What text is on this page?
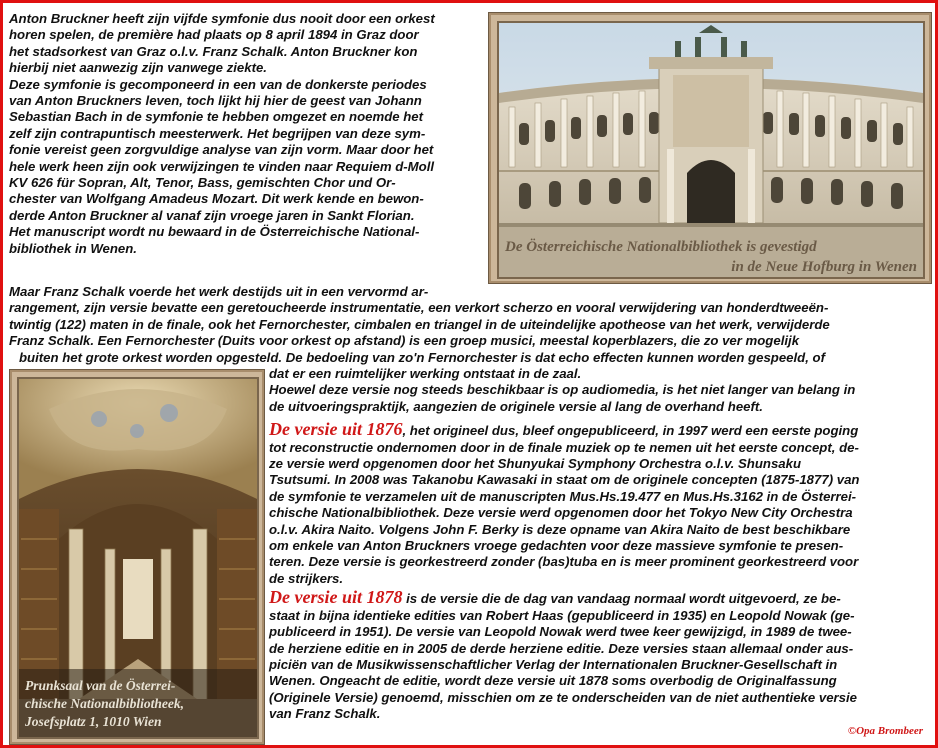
Anton Bruckner heeft zijn vijfde symfonie dus nooit door een orkest
horen spelen, de première had plaats op 8 april 1894 in Graz door
het stadsorkest van Graz o.l.v. Franz Schalk. Anton Bruckner kon
hierbij niet aanwezig zijn vanwege ziekte.
Deze symfonie is gecomponeerd in een van de donkerste periodes
van Anton Bruckners leven, toch lijkt hij hier de geest van Johann
Sebastian Bach in de symfonie te hebben omgezet en noemde het
zelf zijn contrapuntisch meesterwerk. Het begrijpen van deze sym-
fonie vereist geen zorgvuldige analyse van zijn vorm. Maar door het
hele werk heen zijn ook verwijzingen te vinden naar Requiem d-Moll
KV 626 für Sopran, Alt, Tenor, Bass, gemischten Chor und Or-
chester van Wolfgang Amadeus Mozart. Dit werk kende en bewon-
derde Anton Bruckner al vanaf zijn vroege jaren in Sankt Florian.
Het manuscript wordt nu bewaard in de Österreichische National-
bibliothek in Wenen.	De Österreichische Nationalbibliothek is gevestigd
in de Neue Hofburg in Wenen
Maar Franz Schalk voerde het werk destijds uit in een vervormd ar-
rangement, zijn versie bevatte een geretoucheerde instrumentatie, een verkort scherzo en vooral verwijdering van honderdtweeën-
twintig (122) maten in de finale, ook het Fernorchester, cimbalen en triangel in de uiteindelijke apotheose van het werk, verwijderde
Franz Schalk. Een Fernorchester (Duits voor orkest op afstand) is een groep musici, meestal koperblazers, die zo ver mogelijk
buiten het grote orkest worden opgesteld. De bedoeling van zo'n Fernorchester is dat echo effecten kunnen worden gespeeld, of
Prunksaal van de Österrei-
chische Nationalbibliotheek,
Josefsplatz 1, 1010 Wien
dat er een ruimtelijker werking ontstaat in de zaal.
Hoewel deze versie nog steeds beschikbaar is op audiomedia, is het niet langer van belang in
de uitvoeringspraktijk, aangezien de originele versie al lang de overhand heeft.
De versie uit 1876, het origineel dus, bleef ongepubliceerd, in 1997 werd een eerste poging
tot reconstructie ondernomen door in de finale muziek op te nemen uit het eerste concept, de-
ze versie werd opgenomen door het Shunyukai Symphony Orchestra o.l.v. Shunsaku
Tsutsumi. In 2008 was Takanobu Kawasaki in staat om de originele concepten (1875-1877) van
de symfonie te verzamelen uit de manuscripten Mus.Hs.19.477 en Mus.Hs.3162 in de Österrei-
chische Nationalbibliothek. Deze versie werd opgenomen door het Tokyo New City Orchestra
o.l.v. Akira Naito. Volgens John F. Berky is deze opname van Akira Naito de best beschikbare
om enkele van Anton Bruckners vroege gedachten voor deze massieve symfonie te presen-
teren. Deze versie is georkestreerd zonder (bas)tuba en is meer prominent georkestreerd voor
de strijkers.
De versie uit 1878 is de versie die de dag van vandaag normaal wordt uitgevoerd, ze be-
staat in bijna identieke edities van Robert Haas (gepubliceerd in 1935) en Leopold Nowak (ge-
publiceerd in 1951). De versie van Leopold Nowak werd twee keer gewijzigd, in 1989 de twee-
de herziene editie en in 2005 de derde herziene editie. Deze versies staan allemaal onder aus-
piciën van de Musikwissenschaftlicher Verlag der Internationalen Bruckner-Gesellschaft in
Wenen. Ongeacht de editie, wordt deze versie uit 1878 soms overbodig de Originalfassung
(Originele Versie) genoemd, misschien om ze te onderscheiden van de niet authentieke versie
van Franz Schalk.
©Opa Brombeer
